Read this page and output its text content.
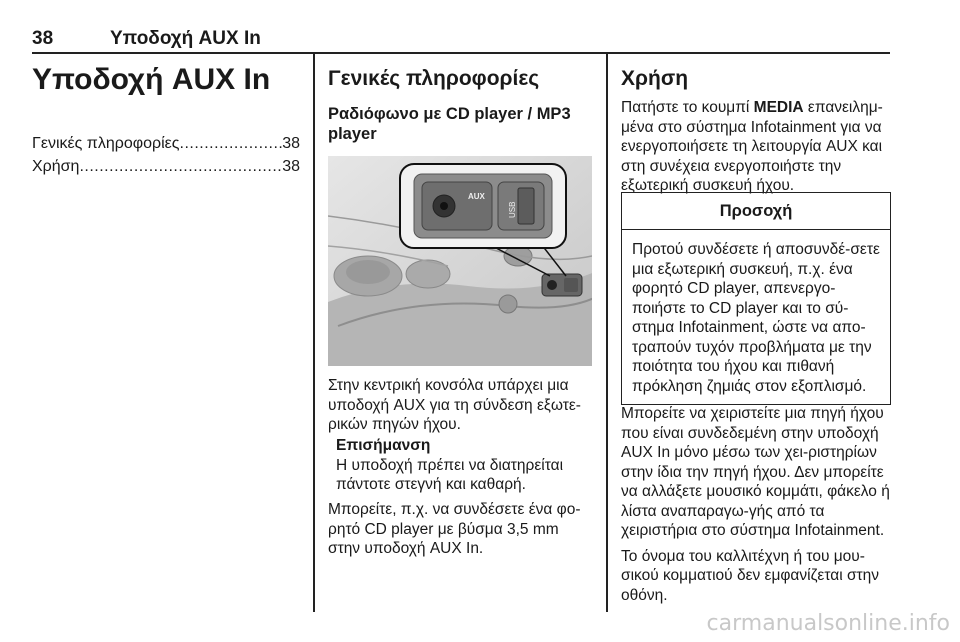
38	Υποδοχή AUX In
Υποδοχή AUX In
Γενικές πληροφορίες .....	38
Χρήση .....	38
Γενικές πληροφορίες
Ραδιόφωνο με CD player / MP3 player
AUX
USB

Στην κεντρική κονσόλα υπάρχει μια υποδοχή AUX για τη σύνδεση εξωτε-ρικών πηγών ήχου.

Επισήμανση

Η υποδοχή πρέπει να διατηρείται πάντοτε στεγνή και καθαρή.

Μπορείτε, π.χ. να συνδέσετε ένα φο-ρητό CD player με βύσμα 3,5 mm στην υποδοχή AUX In.

Χρήση

Πατήστε το κουμπί MEDIA επανειλημ-μένα στο σύστημα Infotainment για να ενεργοποιήσετε τη λειτουργία AUX και στη συνέχεια ενεργοποιήστε την εξωτερική συσκευή ήχου.

Προσοχή

Προτού συνδέσετε ή αποσυνδέ-σετε μια εξωτερική συσκευή, π.χ. ένα φορητό CD player, απενεργο-ποιήστε το CD player και το σύ-στημα Infotainment, ώστε να απο-τραπούν τυχόν προβλήματα με την ποιότητα του ήχου και πιθανή πρόκληση ζημιάς στον εξοπλισμό.

Μπορείτε να χειριστείτε μια πηγή ήχου που είναι συνδεδεμένη στην υποδοχή AUX In μόνο μέσω των χει-ριστηρίων στην ίδια την πηγή ήχου. Δεν μπορείτε να αλλάξετε μουσικό κομμάτι, φάκελο ή λίστα αναπαραγω-γής από τα χειριστήρια στο σύστημα Infotainment.

Το όνομα του καλλιτέχνη ή του μου-σικού κομματιού δεν εμφανίζεται στην οθόνη.

carmanualsonline.info
